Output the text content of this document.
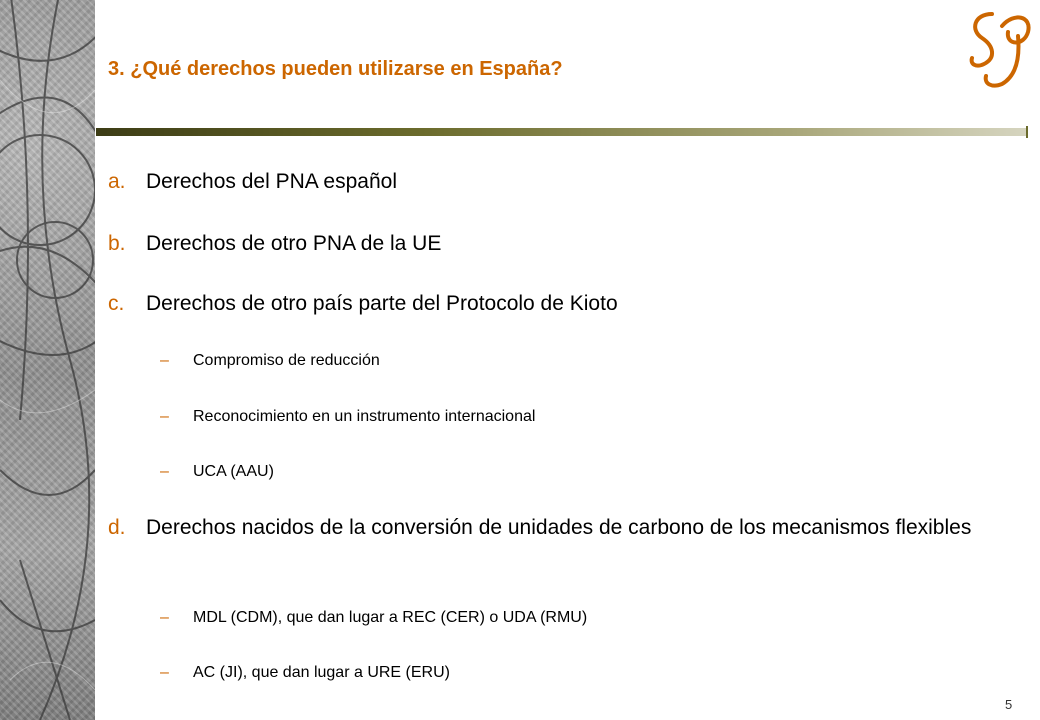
3. ¿Qué derechos pueden utilizarse en España?
a. Derechos del PNA español
b. Derechos de otro PNA de la UE
c. Derechos de otro país parte del Protocolo de Kioto
– Compromiso de reducción
– Reconocimiento en un instrumento internacional
– UCA (AAU)
d. Derechos nacidos de la conversión de unidades de carbono de los mecanismos flexibles
– MDL (CDM), que dan lugar a REC (CER) o UDA (RMU)
– AC (JI), que dan lugar a URE (ERU)
5
